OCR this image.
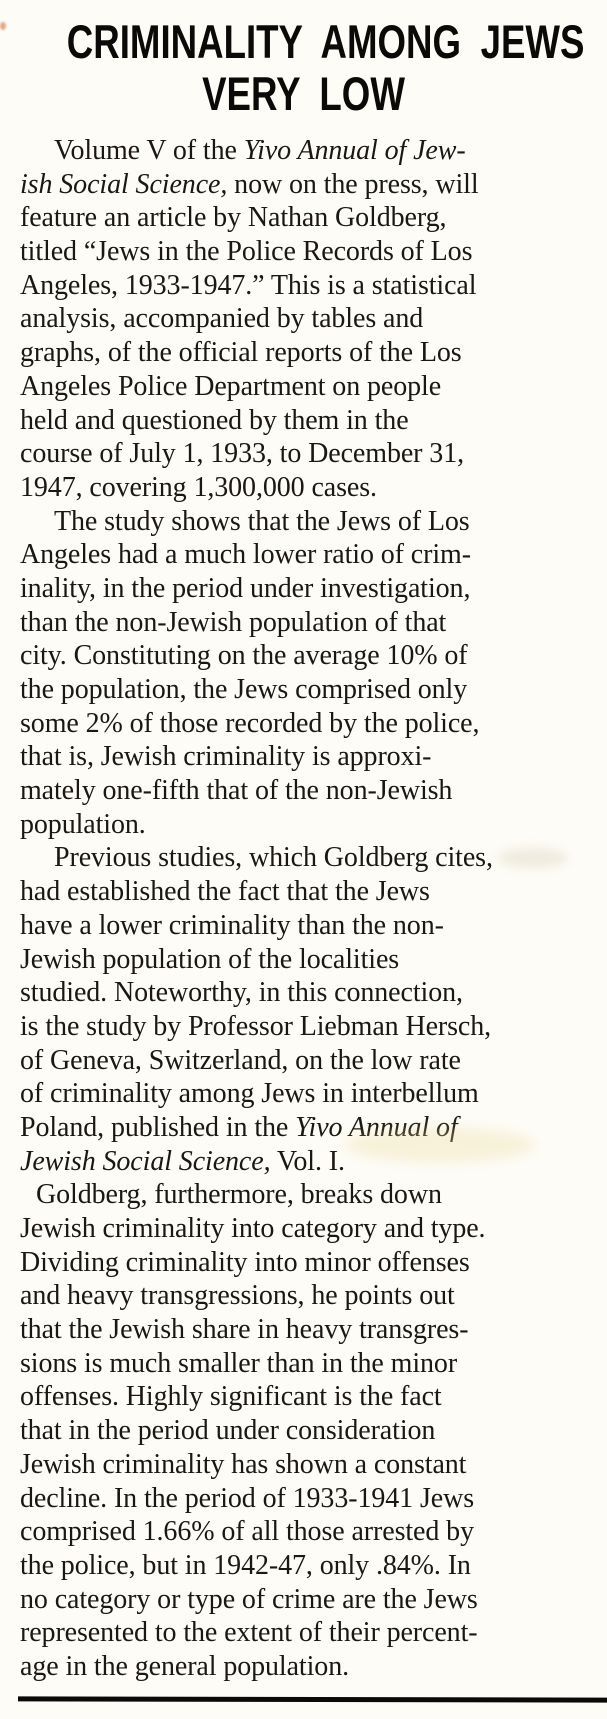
CRIMINALITY AMONG JEWS
VERY LOW
Volume V of the Yivo Annual of Jew-
ish Social Science, now on the press, will
feature an article by Nathan Goldberg,
titled “Jews in the Police Records of Los
Angeles, 1933-1947.” This is a statistical
analysis, accompanied by tables and
graphs, of the official reports of the Los
Angeles Police Department on people
held and questioned by them in the
course of July 1, 1933, to December 31,
1947, covering 1,300,000 cases.
The study shows that the Jews of Los
Angeles had a much lower ratio of crim-
inality, in the period under investigation,
than the non-Jewish population of that
city. Constituting on the average 10% of
the population, the Jews comprised only
some 2% of those recorded by the police,
that is, Jewish criminality is approxi-
mately one-fifth that of the non-Jewish
population.
Previous studies, which Goldberg cites,
had established the fact that the Jews
have a lower criminality than the non-
Jewish population of the localities
studied. Noteworthy, in this connection,
is the study by Professor Liebman Hersch,
of Geneva, Switzerland, on the low rate
of criminality among Jews in interbellum
Poland, published in the Yivo Annual of
Jewish Social Science, Vol. I.
Goldberg, furthermore, breaks down
Jewish criminality into category and type.
Dividing criminality into minor offenses
and heavy transgressions, he points out
that the Jewish share in heavy transgres-
sions is much smaller than in the minor
offenses. Highly significant is the fact
that in the period under consideration
Jewish criminality has shown a constant
decline. In the period of 1933-1941 Jews
comprised 1.66% of all those arrested by
the police, but in 1942-47, only .84%. In
no category or type of crime are the Jews
represented to the extent of their percent-
age in the general population.
